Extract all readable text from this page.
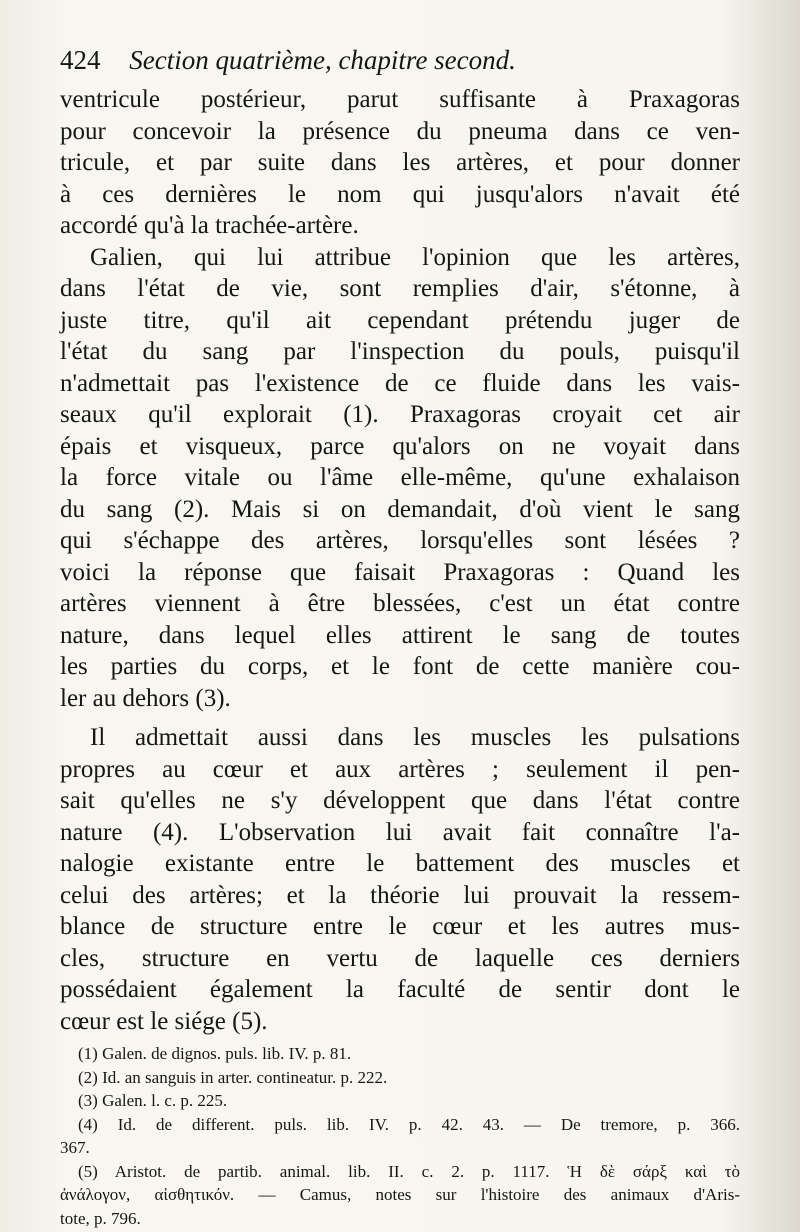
424 Section quatrième, chapitre second.
ventricule postérieur, parut suffisante à Praxagoras
pour concevoir la présence du pneuma dans ce ven-
tricule, et par suite dans les artères, et pour donner
à ces dernières le nom qui jusqu'alors n'avait été
accordé qu'à la trachée-artère.
Galien, qui lui attribue l'opinion que les artères,
dans l'état de vie, sont remplies d'air, s'étonne, à
juste titre, qu'il ait cependant prétendu juger de
l'état du sang par l'inspection du pouls, puisqu'il
n'admettait pas l'existence de ce fluide dans les vais-
seaux qu'il explorait (1). Praxagoras croyait cet air
épais et visqueux, parce qu'alors on ne voyait dans
la force vitale ou l'âme elle-même, qu'une exhalaison
du sang (2). Mais si on demandait, d'où vient le sang
qui s'échappe des artères, lorsqu'elles sont lésées ?
voici la réponse que faisait Praxagoras : Quand les
artères viennent à être blessées, c'est un état contre
nature, dans lequel elles attirent le sang de toutes
les parties du corps, et le font de cette manière cou-
ler au dehors (3).
Il admettait aussi dans les muscles les pulsations
propres au cœur et aux artères ; seulement il pen-
sait qu'elles ne s'y développent que dans l'état contre
nature (4). L'observation lui avait fait connaître l'a-
nalogie existante entre le battement des muscles et
celui des artères; et la théorie lui prouvait la ressem-
blance de structure entre le cœur et les autres mus-
cles, structure en vertu de laquelle ces derniers
possédaient également la faculté de sentir dont le
cœur est le siége (5).
(1) Galen. de dignos. puls. lib. IV. p. 81.
(2) Id. an sanguis in arter. contineatur. p. 222.
(3) Galen. l. c. p. 225.
(4) Id. de different. puls. lib. IV. p. 42. 43. — De tremore, p. 366.
367.
(5) Aristot. de partib. animal. lib. II. c. 2. p. 1117. Ἡ δὲ σάρξ καὶ τὸ
ἀνάλογον, αἰσθητικόν. — Camus, notes sur l'histoire des animaux d'Aris-
tote, p. 796.
